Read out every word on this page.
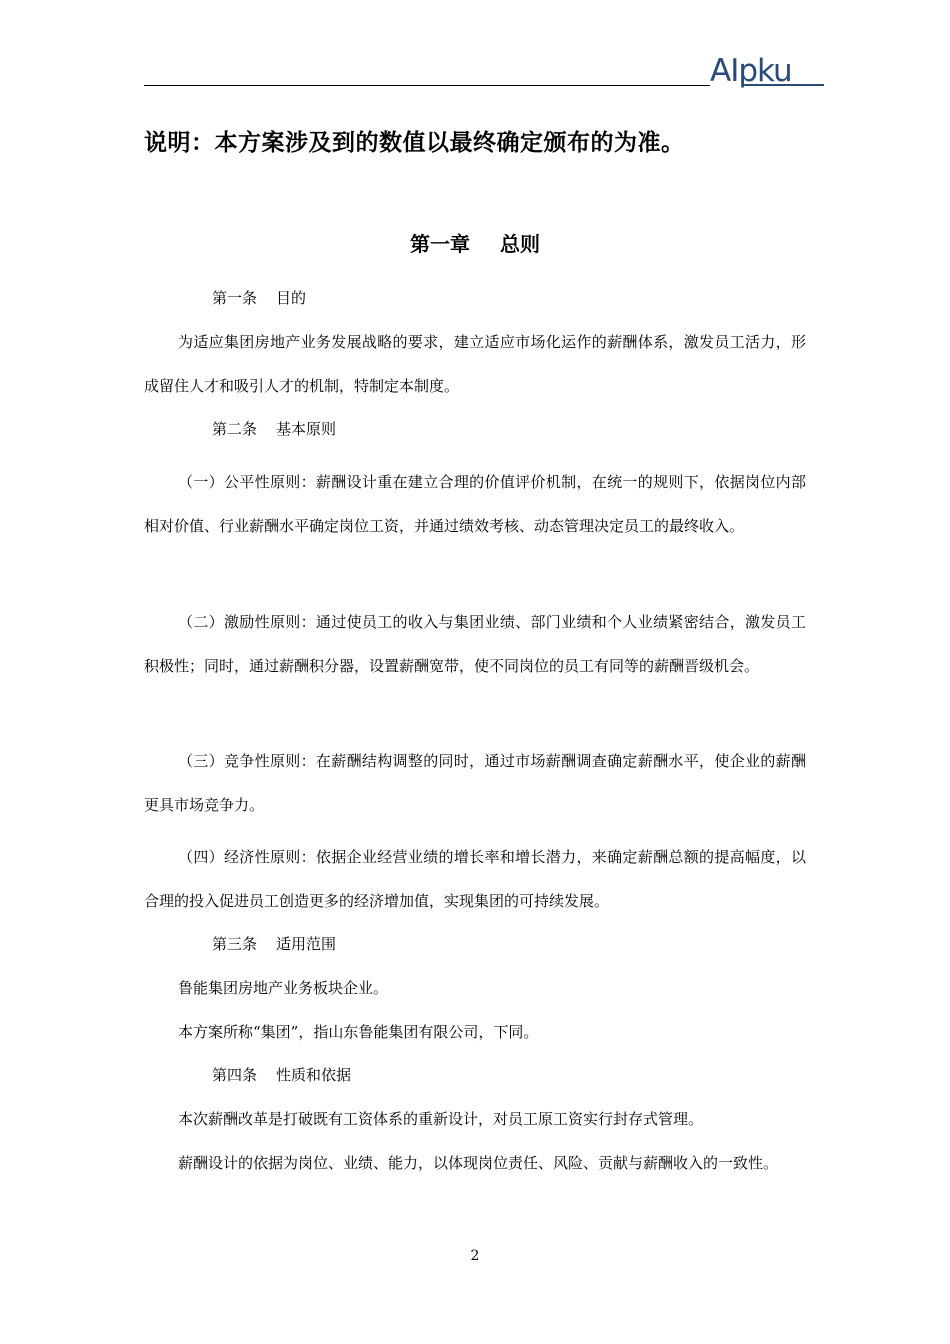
AIpku
说明：本方案涉及到的数值以最终确定颁布的为准。
第一章 总则
第一条 目的
为适应集团房地产业务发展战略的要求，建立适应市场化运作的薪酬体系，激发员工活力，形成留住人才和吸引人才的机制，特制定本制度。
第二条 基本原则
（一）公平性原则：薪酬设计重在建立合理的价值评价机制，在统一的规则下，依据岗位内部相对价值、行业薪酬水平确定岗位工资，并通过绩效考核、动态管理决定员工的最终收入。
（二）激励性原则：通过使员工的收入与集团业绩、部门业绩和个人业绩紧密结合，激发员工积极性；同时，通过薪酬积分器，设置薪酬宽带，使不同岗位的员工有同等的薪酬晋级机会。
（三）竞争性原则：在薪酬结构调整的同时，通过市场薪酬调查确定薪酬水平，使企业的薪酬更具市场竞争力。
（四）经济性原则：依据企业经营业绩的增长率和增长潜力，来确定薪酬总额的提高幅度，以合理的投入促进员工创造更多的经济增加值，实现集团的可持续发展。
第三条 适用范围
鲁能集团房地产业务板块企业。
本方案所称“集团”，指山东鲁能集团有限公司，下同。
第四条 性质和依据
本次薪酬改革是打破既有工资体系的重新设计，对员工原工资实行封存式管理。
薪酬设计的依据为岗位、业绩、能力，以体现岗位责任、风险、贡献与薪酬收入的一致性。
2
